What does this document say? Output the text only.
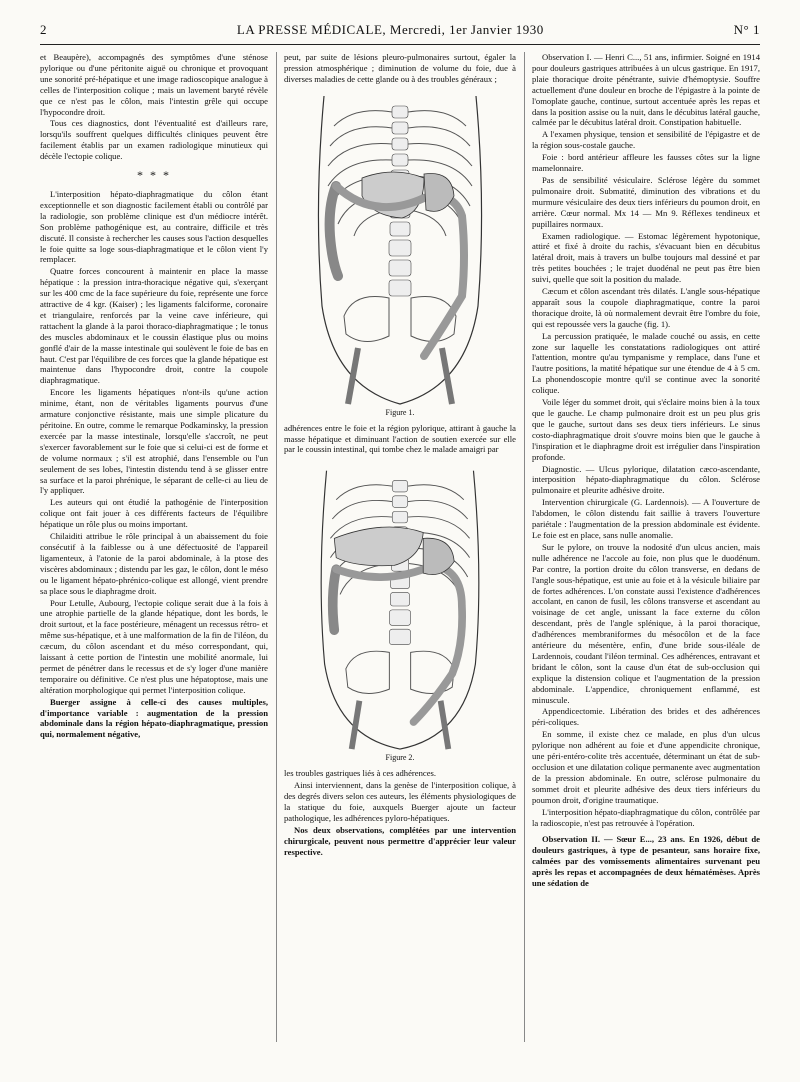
2	LA PRESSE MÉDICALE, Mercredi, 1er Janvier 1930	N° 1

et Beaupère), accompagnés des symptômes d'une sténose pylorique ou d'une péritonite aiguë ou chronique et provoquant une sonorité pré-hépatique et une image radioscopique analogue à celles de l'interposition colique ; mais un lavement baryté révèle que ce n'est pas le côlon, mais l'intestin grêle qui occupe l'hypocondre droit.

Tous ces diagnostics, dont l'éventualité est d'ailleurs rare, lorsqu'ils souffrent quelques difficultés cliniques peuvent être facilement établis par un examen radiologique minutieux qui décèle l'ectopie colique.

* * *

L'interposition hépato-diaphragmatique du côlon étant exceptionnelle et son diagnostic facilement établi ou contrôlé par la radiologie, son problème clinique est d'un médiocre intérêt. Son problème pathogénique est, au contraire, difficile et très discuté. Il consiste à rechercher les causes sous l'action desquelles le foie quitte sa loge sous-diaphragmatique et le côlon vient l'y remplacer.

Quatre forces concourent à maintenir en place la masse hépatique : la pression intra-thoracique négative qui, s'exerçant sur les 400 cmc de la face supérieure du foie, représente une force attractive de 4 kgr. (Kaiser) ; les ligaments falciforme, coronaire et triangulaire, renforcés par la veine cave inférieure, qui rattachent la glande à la paroi thoraco-diaphragmatique ; le tonus des muscles abdominaux et le coussin élastique plus ou moins gonflé d'air de la masse intestinale qui soulèvent le foie de bas en haut. C'est par l'équilibre de ces forces que la glande hépatique est maintenue dans l'hypocondre droit, contre la coupole diaphragmatique.

Encore les ligaments hépatiques n'ont-ils qu'une action minime, étant, non de véritables ligaments pourvus d'une armature conjonctive résistante, mais une simple plicature du péritoine. En outre, comme le remarque Podkaminsky, la pression exercée par la masse intestinale, lorsqu'elle s'accroît, ne peut s'exercer favorablement sur le foie que si celui-ci est de forme et de volume normaux ; s'il est atrophié, dans l'ensemble ou l'un seulement de ses lobes, l'intestin distendu tend à se glisser entre sa surface et la paroi phrénique, le séparant de celle-ci au lieu de l'y appliquer.

Les auteurs qui ont étudié la pathogénie de l'interposition colique ont fait jouer à ces différents facteurs de l'équilibre hépatique un rôle plus ou moins important.

Chilaiditi attribue le rôle principal à un abaissement du foie consécutif à la faiblesse ou à une défectuosité de l'appareil ligamenteux, à l'atonie de la paroi abdominale, à la ptose des viscères abdominaux ; distendu par les gaz, le côlon, dont le méso ou le ligament hépato-phrénico-colique est allongé, vient prendre sa place sous le diaphragme droit.

Pour Letulle, Aubourg, l'ectopie colique serait due à la fois à une atrophie partielle de la glande hépatique, dont les bords, le droit surtout, et la face postérieure, ménagent un recessus rétro- et même sus-hépatique, et à une malformation de la fin de l'iléon, du cæcum, du côlon ascendant et du méso correspondant, qui, laissant à cette portion de l'intestin une mobilité anormale, lui permet de pénétrer dans le recessus et de s'y loger d'une manière temporaire ou définitive. Ce n'est plus une hépatoptose, mais une altération morphologique qui permet l'interposition colique.

Buerger assigne à celle-ci des causes multiples, d'importance variable : augmentation de la pression abdominale dans la région hépato-diaphragmatique, pression qui, normalement négative,

peut, par suite de lésions pleuro-pulmonaires surtout, égaler la pression atmosphérique ; diminution de volume du foie, due à diverses maladies de cette glande ou à des troubles généraux ;

Figure 1.

adhérences entre le foie et la région pylorique, attirant à gauche la masse hépatique et diminuant l'action de soutien exercée sur elle par le coussin intestinal, qui tombe chez le malade amaigri par

Figure 2.

les troubles gastriques liés à ces adhérences.

Ainsi interviennent, dans la genèse de l'interposition colique, à des degrés divers selon ces auteurs, les éléments physiologiques de la statique du foie, auxquels Buerger ajoute un facteur pathologique, les adhérences pyloro-hépatiques.

Nos deux observations, complétées par une intervention chirurgicale, peuvent nous permettre d'apprécier leur valeur respective.

Observation I. — Henri C..., 51 ans, infirmier. Soigné en 1914 pour douleurs gastriques attribuées à un ulcus gastrique. En 1917, plaie thoracique droite pénétrante, suivie d'hémoptysie. Souffre actuellement d'une douleur en broche de l'épigastre à la pointe de l'omoplate gauche, continue, surtout accentuée après les repas et dans la position assise ou la nuit, dans le décubitus latéral gauche, calmée par le décubitus latéral droit. Constipation habituelle.

A l'examen physique, tension et sensibilité de l'épigastre et de la région sous-costale gauche.

Foie : bord antérieur affleure les fausses côtes sur la ligne mamelonnaire.

Pas de sensibilité vésiculaire. Sclérose légère du sommet pulmonaire droit. Submatité, diminution des vibrations et du murmure vésiculaire des deux tiers inférieurs du poumon droit, en arrière. Cœur normal. Mx 14 — Mn 9. Réflexes tendineux et pupillaires normaux.

Examen radiologique. — Estomac légèrement hypotonique, attiré et fixé à droite du rachis, s'évacuant bien en décubitus latéral droit, mais à travers un bulbe toujours mal dessiné et par très petites bouchées ; le trajet duodénal ne peut pas être bien suivi, quelle que soit la position du malade.

Cæcum et côlon ascendant très dilatés. L'angle sous-hépatique apparaît sous la coupole diaphragmatique, contre la paroi thoracique droite, là où normalement devrait être l'ombre du foie, qui est repoussée vers la gauche (fig. 1).

La percussion pratiquée, le malade couché ou assis, en cette zone sur laquelle les constatations radiologiques ont attiré l'attention, montre qu'au tympanisme y remplace, dans l'une et l'autre positions, la matité hépatique sur une étendue de 4 à 5 cm. La phonendoscopie montre qu'il se continue avec la sonorité colique.

Voile léger du sommet droit, qui s'éclaire moins bien à la toux que le gauche. Le champ pulmonaire droit est un peu plus gris que le gauche, surtout dans ses deux tiers inférieurs. Le sinus costo-diaphragmatique droit s'ouvre moins bien que le gauche à l'inspiration et le diaphragme droit est irrégulier dans l'inspiration profonde.

Diagnostic. — Ulcus pylorique, dilatation cæco-ascendante, interposition hépato-diaphragmatique du côlon. Sclérose pulmonaire et pleurite adhésive droite.

Intervention chirurgicale (G. Lardennois). — A l'ouverture de l'abdomen, le côlon distendu fait saillie à travers l'ouverture pariétale : l'augmentation de la pression abdominale est évidente. Le foie est en place, sans nulle anomalie.

Sur le pylore, on trouve la nodosité d'un ulcus ancien, mais nulle adhérence ne l'accole au foie, non plus que le duodénum. Par contre, la portion droite du côlon transverse, en dedans de l'angle sous-hépatique, est unie au foie et à la vésicule biliaire par de fortes adhérences. L'on constate aussi l'existence d'adhérences accolant, en canon de fusil, les côlons transverse et ascendant au voisinage de cet angle, unissant la face externe du côlon descendant, près de l'angle splénique, à la paroi thoracique, d'adhérences membraniformes du mésocôlon et de la face antérieure du mésentère, enfin, d'une bride sous-iléale de Lardennois, coudant l'iléon terminal. Ces adhérences, entravant et bridant le côlon, sont la cause d'un état de sub-occlusion qui explique la distension colique et l'augmentation de la pression abdominale. L'appendice, chroniquement enflammé, est minuscule.

Appendicectomie. Libération des brides et des adhérences péri-coliques.

En somme, il existe chez ce malade, en plus d'un ulcus pylorique non adhérent au foie et d'une appendicite chronique, une péri-entéro-colite très accentuée, déterminant un état de sub-occlusion et une dilatation colique permanente avec augmentation de la pression abdominale. En outre, sclérose pulmonaire du sommet droit et pleurite adhésive des deux tiers inférieurs du poumon droit, d'origine traumatique.

L'interposition hépato-diaphragmatique du côlon, contrôlée par la radioscopie, n'est pas retrouvée à l'opération.

Observation II. — Sœur E..., 23 ans. En 1926, début de douleurs gastriques, à type de pesanteur, sans horaire fixe, calmées par des vomissements alimentaires survenant peu après les repas et accompagnées de deux hématémèses. Après une sédation de
